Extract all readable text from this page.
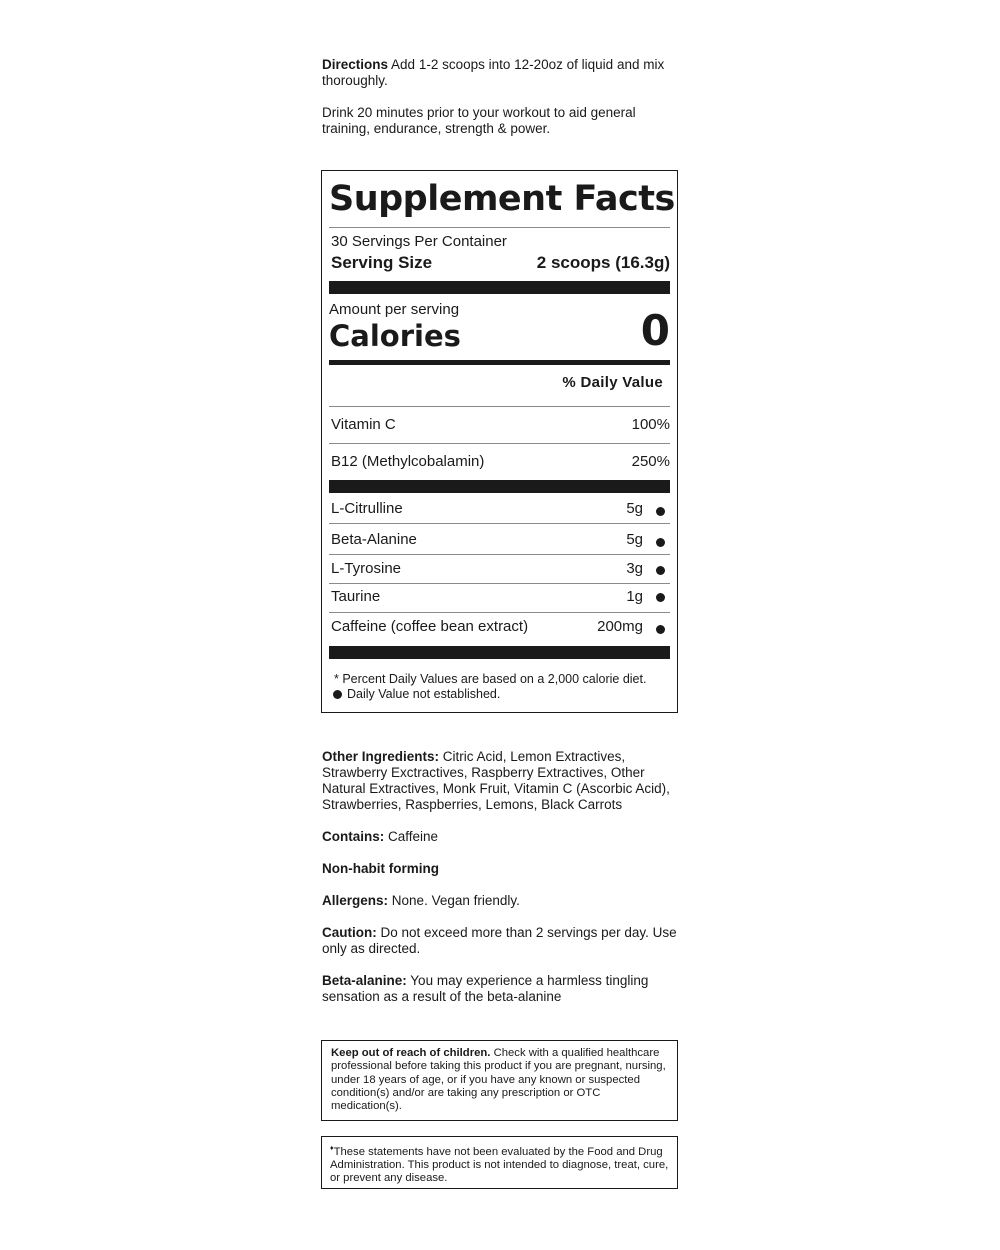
Directions Add 1-2 scoops into 12-20oz of liquid and mix thoroughly.

Drink 20 minutes prior to your workout to aid general training, endurance, strength & power.

Supplement Facts
30 Servings Per Container
Serving Size	2 scoops (16.3g)
Amount per serving
Calories	0
% Daily Value
Vitamin C	100%
B12 (Methylcobalamin)	250%
L-Citrulline	5g
Beta-Alanine	5g
L-Tyrosine	3g
Taurine	1g
Caffeine (coffee bean extract)	200mg
* Percent Daily Values are based on a 2,000 calorie diet.
Daily Value not established.

Other Ingredients: Citric Acid, Lemon Extractives, Strawberry Exctractives, Raspberry Extractives, Other Natural Extractives, Monk Fruit, Vitamin C (Ascorbic Acid), Strawberries, Raspberries, Lemons, Black Carrots

Contains: Caffeine

Non-habit forming

Allergens: None. Vegan friendly.

Caution: Do not exceed more than 2 servings per day. Use only as directed.

Beta-alanine: You may experience a harmless tingling sensation as a result of the beta-alanine

Keep out of reach of children. Check with a qualified healthcare professional before taking this product if you are pregnant, nursing, under 18 years of age, or if you have any known or suspected condition(s) and/or are taking any prescription or OTC medication(s).

♦These statements have not been evaluated by the Food and Drug Administration. This product is not intended to diagnose, treat, cure, or prevent any disease.
